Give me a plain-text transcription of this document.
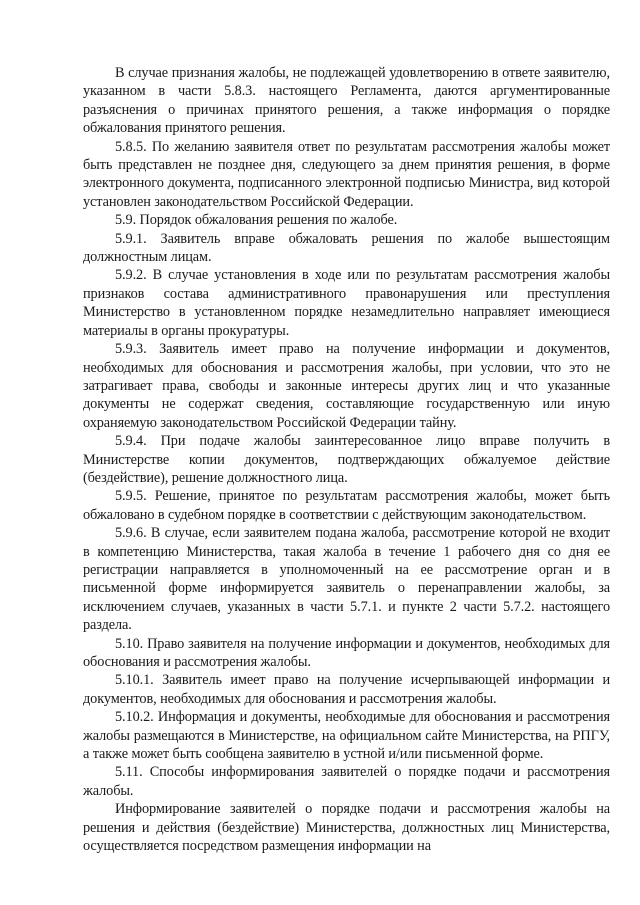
В случае признания жалобы, не подлежащей удовлетворению в ответе заявителю, указанном в части 5.8.3. настоящего Регламента, даются аргументированные разъяснения о причинах принятого решения, а также информация о порядке обжалования принятого решения.

5.8.5. По желанию заявителя ответ по результатам рассмотрения жалобы может быть представлен не позднее дня, следующего за днем принятия решения, в форме электронного документа, подписанного электронной подписью Министра, вид которой установлен законодательством Российской Федерации.

5.9. Порядок обжалования решения по жалобе.

5.9.1. Заявитель вправе обжаловать решения по жалобе вышестоящим должностным лицам.

5.9.2. В случае установления в ходе или по результатам рассмотрения жалобы признаков состава административного правонарушения или преступления Министерство в установленном порядке незамедлительно направляет имеющиеся материалы в органы прокуратуры.

5.9.3. Заявитель имеет право на получение информации и документов, необходимых для обоснования и рассмотрения жалобы, при условии, что это не затрагивает права, свободы и законные интересы других лиц и что указанные документы не содержат сведения, составляющие государственную или иную охраняемую законодательством Российской Федерации тайну.

5.9.4. При подаче жалобы заинтересованное лицо вправе получить в Министерстве копии документов, подтверждающих обжалуемое действие (бездействие), решение должностного лица.

5.9.5. Решение, принятое по результатам рассмотрения жалобы, может быть обжаловано в судебном порядке в соответствии с действующим законодательством.

5.9.6. В случае, если заявителем подана жалоба, рассмотрение которой не входит в компетенцию Министерства, такая жалоба в течение 1 рабочего дня со дня ее регистрации направляется в уполномоченный на ее рассмотрение орган и в письменной форме информируется заявитель о перенаправлении жалобы, за исключением случаев, указанных в части 5.7.1. и пункте 2 части 5.7.2. настоящего раздела.

5.10. Право заявителя на получение информации и документов, необходимых для обоснования и рассмотрения жалобы.

5.10.1. Заявитель имеет право на получение исчерпывающей информации и документов, необходимых для обоснования и рассмотрения жалобы.

5.10.2. Информация и документы, необходимые для обоснования и рассмотрения жалобы размещаются в Министерстве, на официальном сайте Министерства, на РПГУ, а также может быть сообщена заявителю в устной и/или письменной форме.

5.11. Способы информирования заявителей о порядке подачи и рассмотрения жалобы.

Информирование заявителей о порядке подачи и рассмотрения жалобы на решения и действия (бездействие) Министерства, должностных лиц Министерства, осуществляется посредством размещения информации на
